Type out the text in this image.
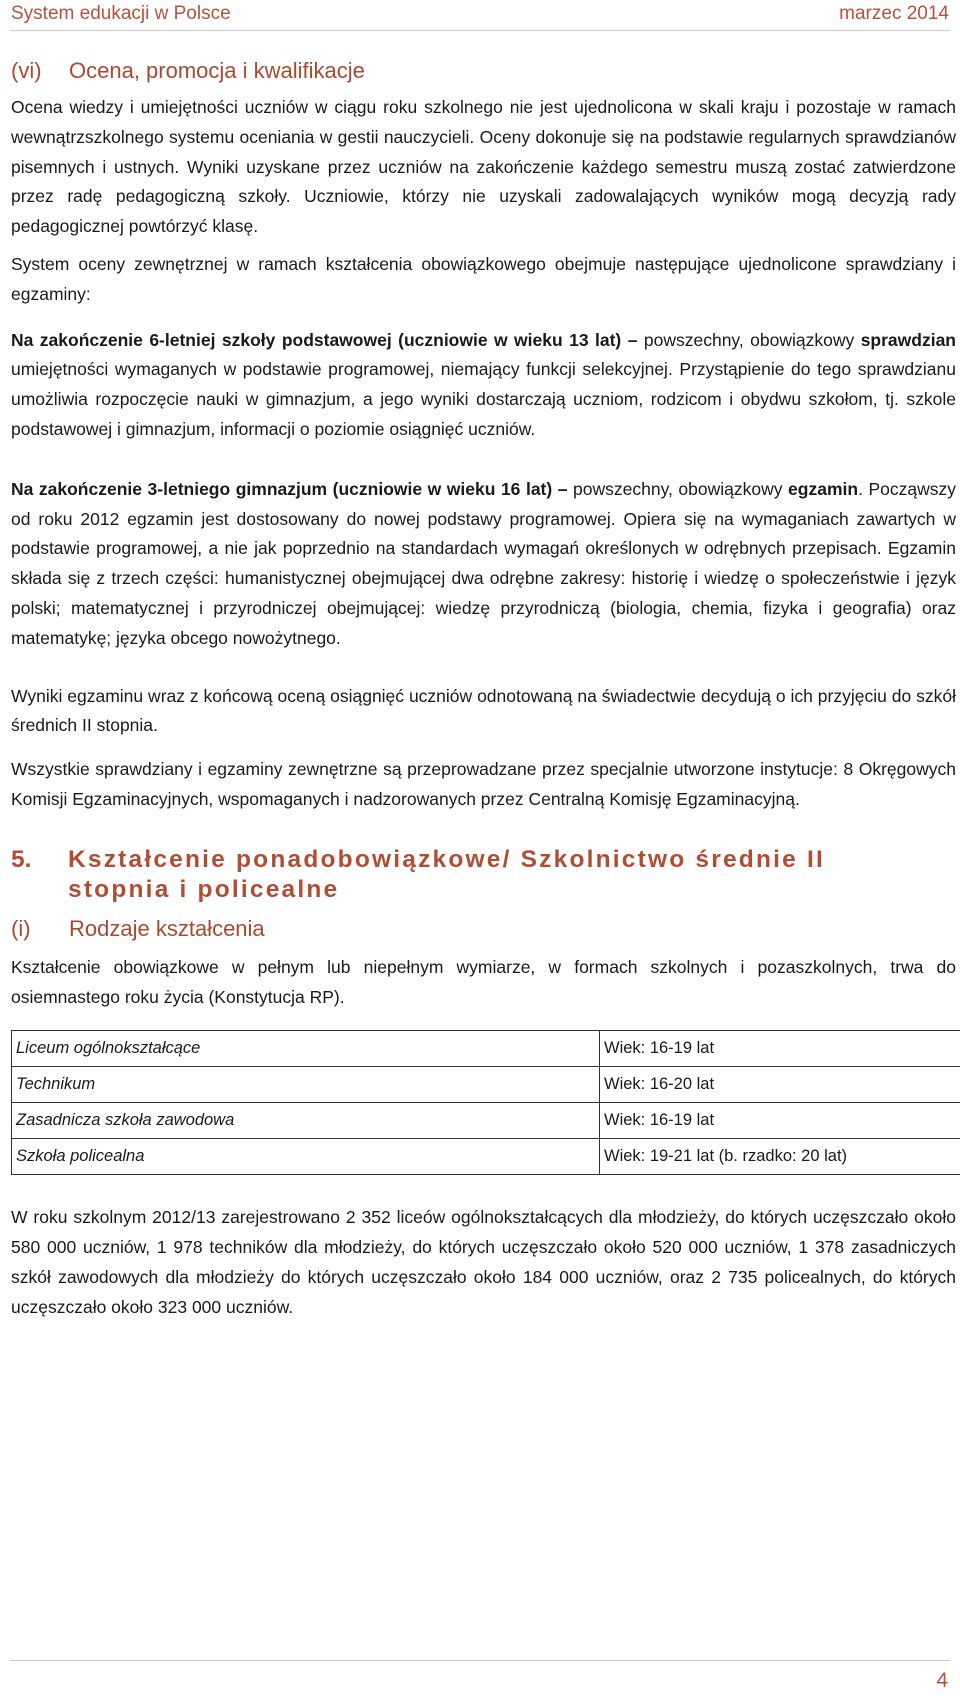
System edukacji w Polsce	marzec 2014
(vi)	Ocena, promocja i kwalifikacje

Ocena wiedzy i umiejętności uczniów w ciągu roku szkolnego nie jest ujednolicona w skali kraju i pozostaje w ramach wewnątrzszkolnego systemu oceniania w gestii nauczycieli. Oceny dokonuje się na podstawie regularnych sprawdzianów pisemnych i ustnych. Wyniki uzyskane przez uczniów na zakończenie każdego semestru muszą zostać zatwierdzone przez radę pedagogiczną szkoły. Uczniowie, którzy nie uzyskali zadowalających wyników mogą decyzją rady pedagogicznej powtórzyć klasę.

System oceny zewnętrznej w ramach kształcenia obowiązkowego obejmuje następujące ujednolicone sprawdziany i egzaminy:

Na zakończenie 6-letniej szkoły podstawowej (uczniowie w wieku 13 lat) – powszechny, obowiązkowy sprawdzian umiejętności wymaganych w podstawie programowej, niemający funkcji selekcyjnej. Przystąpienie do tego sprawdzianu umożliwia rozpoczęcie nauki w gimnazjum, a jego wyniki dostarczają uczniom, rodzicom i obydwu szkołom, tj. szkole podstawowej i gimnazjum, informacji o poziomie osiągnięć uczniów.

Na zakończenie 3-letniego gimnazjum (uczniowie w wieku 16 lat) – powszechny, obowiązkowy egzamin. Począwszy od roku 2012 egzamin jest dostosowany do nowej podstawy programowej. Opiera się na wymaganiach zawartych w podstawie programowej, a nie jak poprzednio na standardach wymagań określonych w odrębnych przepisach. Egzamin składa się z trzech części: humanistycznej obejmującej dwa odrębne zakresy: historię i wiedzę o społeczeństwie i język polski; matematycznej i przyrodniczej obejmującej: wiedzę przyrodniczą (biologia, chemia, fizyka i geografia) oraz matematykę; języka obcego nowożytnego.

Wyniki egzaminu wraz z końcową oceną osiągnięć uczniów odnotowaną na świadectwie decydują o ich przyjęciu do szkół średnich II stopnia.

Wszystkie sprawdziany i egzaminy zewnętrzne są przeprowadzane przez specjalnie utworzone instytucje: 8 Okręgowych Komisji Egzaminacyjnych, wspomaganych i nadzorowanych przez Centralną Komisję Egzaminacyjną.

5.	Kształcenie ponadobowiązkowe/ Szkolnictwo średnie II stopnia i policealne
(i)	Rodzaje kształcenia

Kształcenie obowiązkowe w pełnym lub niepełnym wymiarze, w formach szkolnych i pozaszkolnych, trwa do osiemnastego roku życia (Konstytucja RP).

Liceum ogólnokształcące	Wiek: 16-19 lat
Technikum	Wiek: 16-20 lat
Zasadnicza szkoła zawodowa	Wiek: 16-19 lat
Szkoła policealna	Wiek: 19-21 lat (b. rzadko: 20 lat)

W roku szkolnym 2012/13 zarejestrowano 2 352 liceów ogólnokształcących dla młodzieży, do których uczęszczało około 580 000 uczniów, 1 978 techników dla młodzieży, do których uczęszczało około 520 000 uczniów, 1 378 zasadniczych szkół zawodowych dla młodzieży do których uczęszczało około 184 000 uczniów, oraz 2 735 policealnych, do których uczęszczało około 323 000 uczniów.

4
